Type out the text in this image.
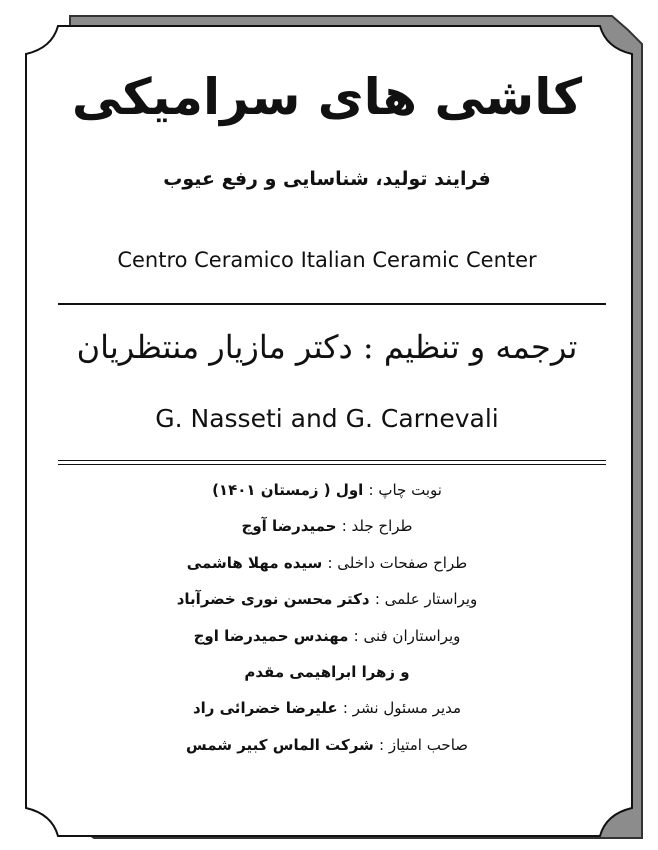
کاشی های سرامیکی
فرایند تولید، شناسایی و رفع عیوب
Centro Ceramico Italian Ceramic Center
ترجمه و تنظیم : دکتر مازیار منتظریان
G. Nasseti and G. Carnevali
نوبت چاپ : اول ( زمستان ۱۴۰۱)
طراح جلد : حمیدرضا آوج
طراح صفحات داخلی : سیده مهلا هاشمی
ویراستار علمی : دکتر محسن نوری خضرآباد
ویراستاران فنی : مهندس حمیدرضا اوج
و زهرا ابراهیمی مقدم
مدیر مسئول نشر : علیرضا خضرائی راد
صاحب امتیاز : شرکت الماس کبیر شمس
